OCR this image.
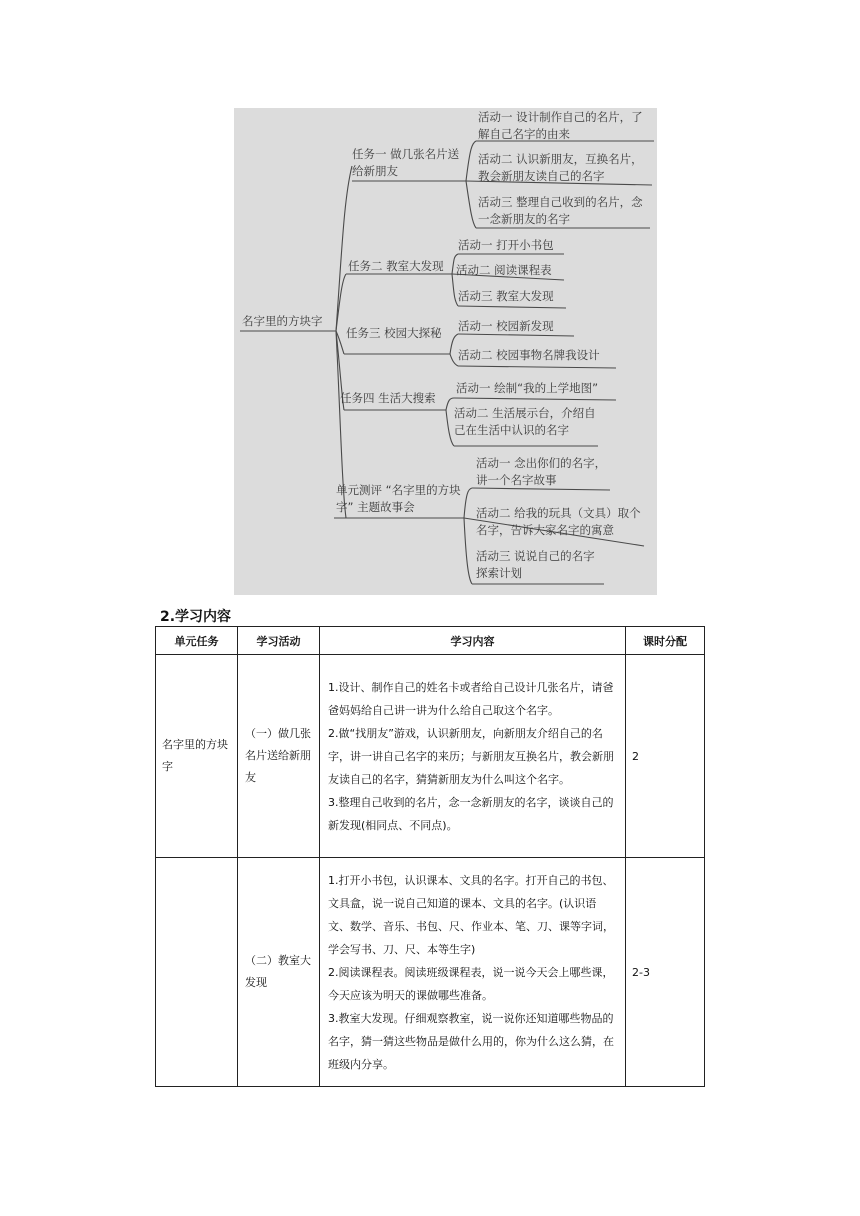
名字里的方块字
任务一 做几张名片送给新朋友
任务二 教室大发现
任务三 校园大探秘
任务四 生活大搜索
单元测评 “名字里的方块字” 主题故事会
活动一 设计制作自己的名片，了解自己名字的由来
活动二 认识新朋友，互换名片，教会新朋友读自己的名字
活动三 整理自己收到的名片，念一念新朋友的名字
活动一 打开小书包
活动二 阅读课程表
活动三 教室大发现
活动一 校园新发现
活动二 校园事物名牌我设计
活动一 绘制“我的上学地图”
活动二 生活展示台，介绍自己在生活中认识的名字
活动一 念出你们的名字，讲一个名字故事
活动二 给我的玩具（文具）取个名字，告诉大家名字的寓意
活动三 说说自己的名字探索计划
2.学习内容
单元任务	学习活动	学习内容	课时分配
名字里的方块字	（一）做几张名片送给新朋友	1.设计、制作自己的姓名卡或者给自己设计几张名片，请爸爸妈妈给自己讲一讲为什么给自己取这个名字。
2.做“找朋友”游戏，认识新朋友，向新朋友介绍自己的名字，讲一讲自己名字的来历；与新朋友互换名片，教会新朋友读自己的名字，猜猜新朋友为什么叫这个名字。
3.整理自己收到的名片，念一念新朋友的名字，谈谈自己的新发现(相同点、不同点)。	2
	（二）教室大发现	1.打开小书包，认识课本、文具的名字。打开自己的书包、文具盒，说一说自己知道的课本、文具的名字。(认识语文、数学、音乐、书包、尺、作业本、笔、刀、课等字词，学会写书、刀、尺、本等生字)
2.阅读课程表。阅读班级课程表，说一说今天会上哪些课，今天应该为明天的课做哪些准备。
3.教室大发现。仔细观察教室，说一说你还知道哪些物品的名字，猜一猜这些物品是做什么用的，你为什么这么猜，在班级内分享。	2-3
